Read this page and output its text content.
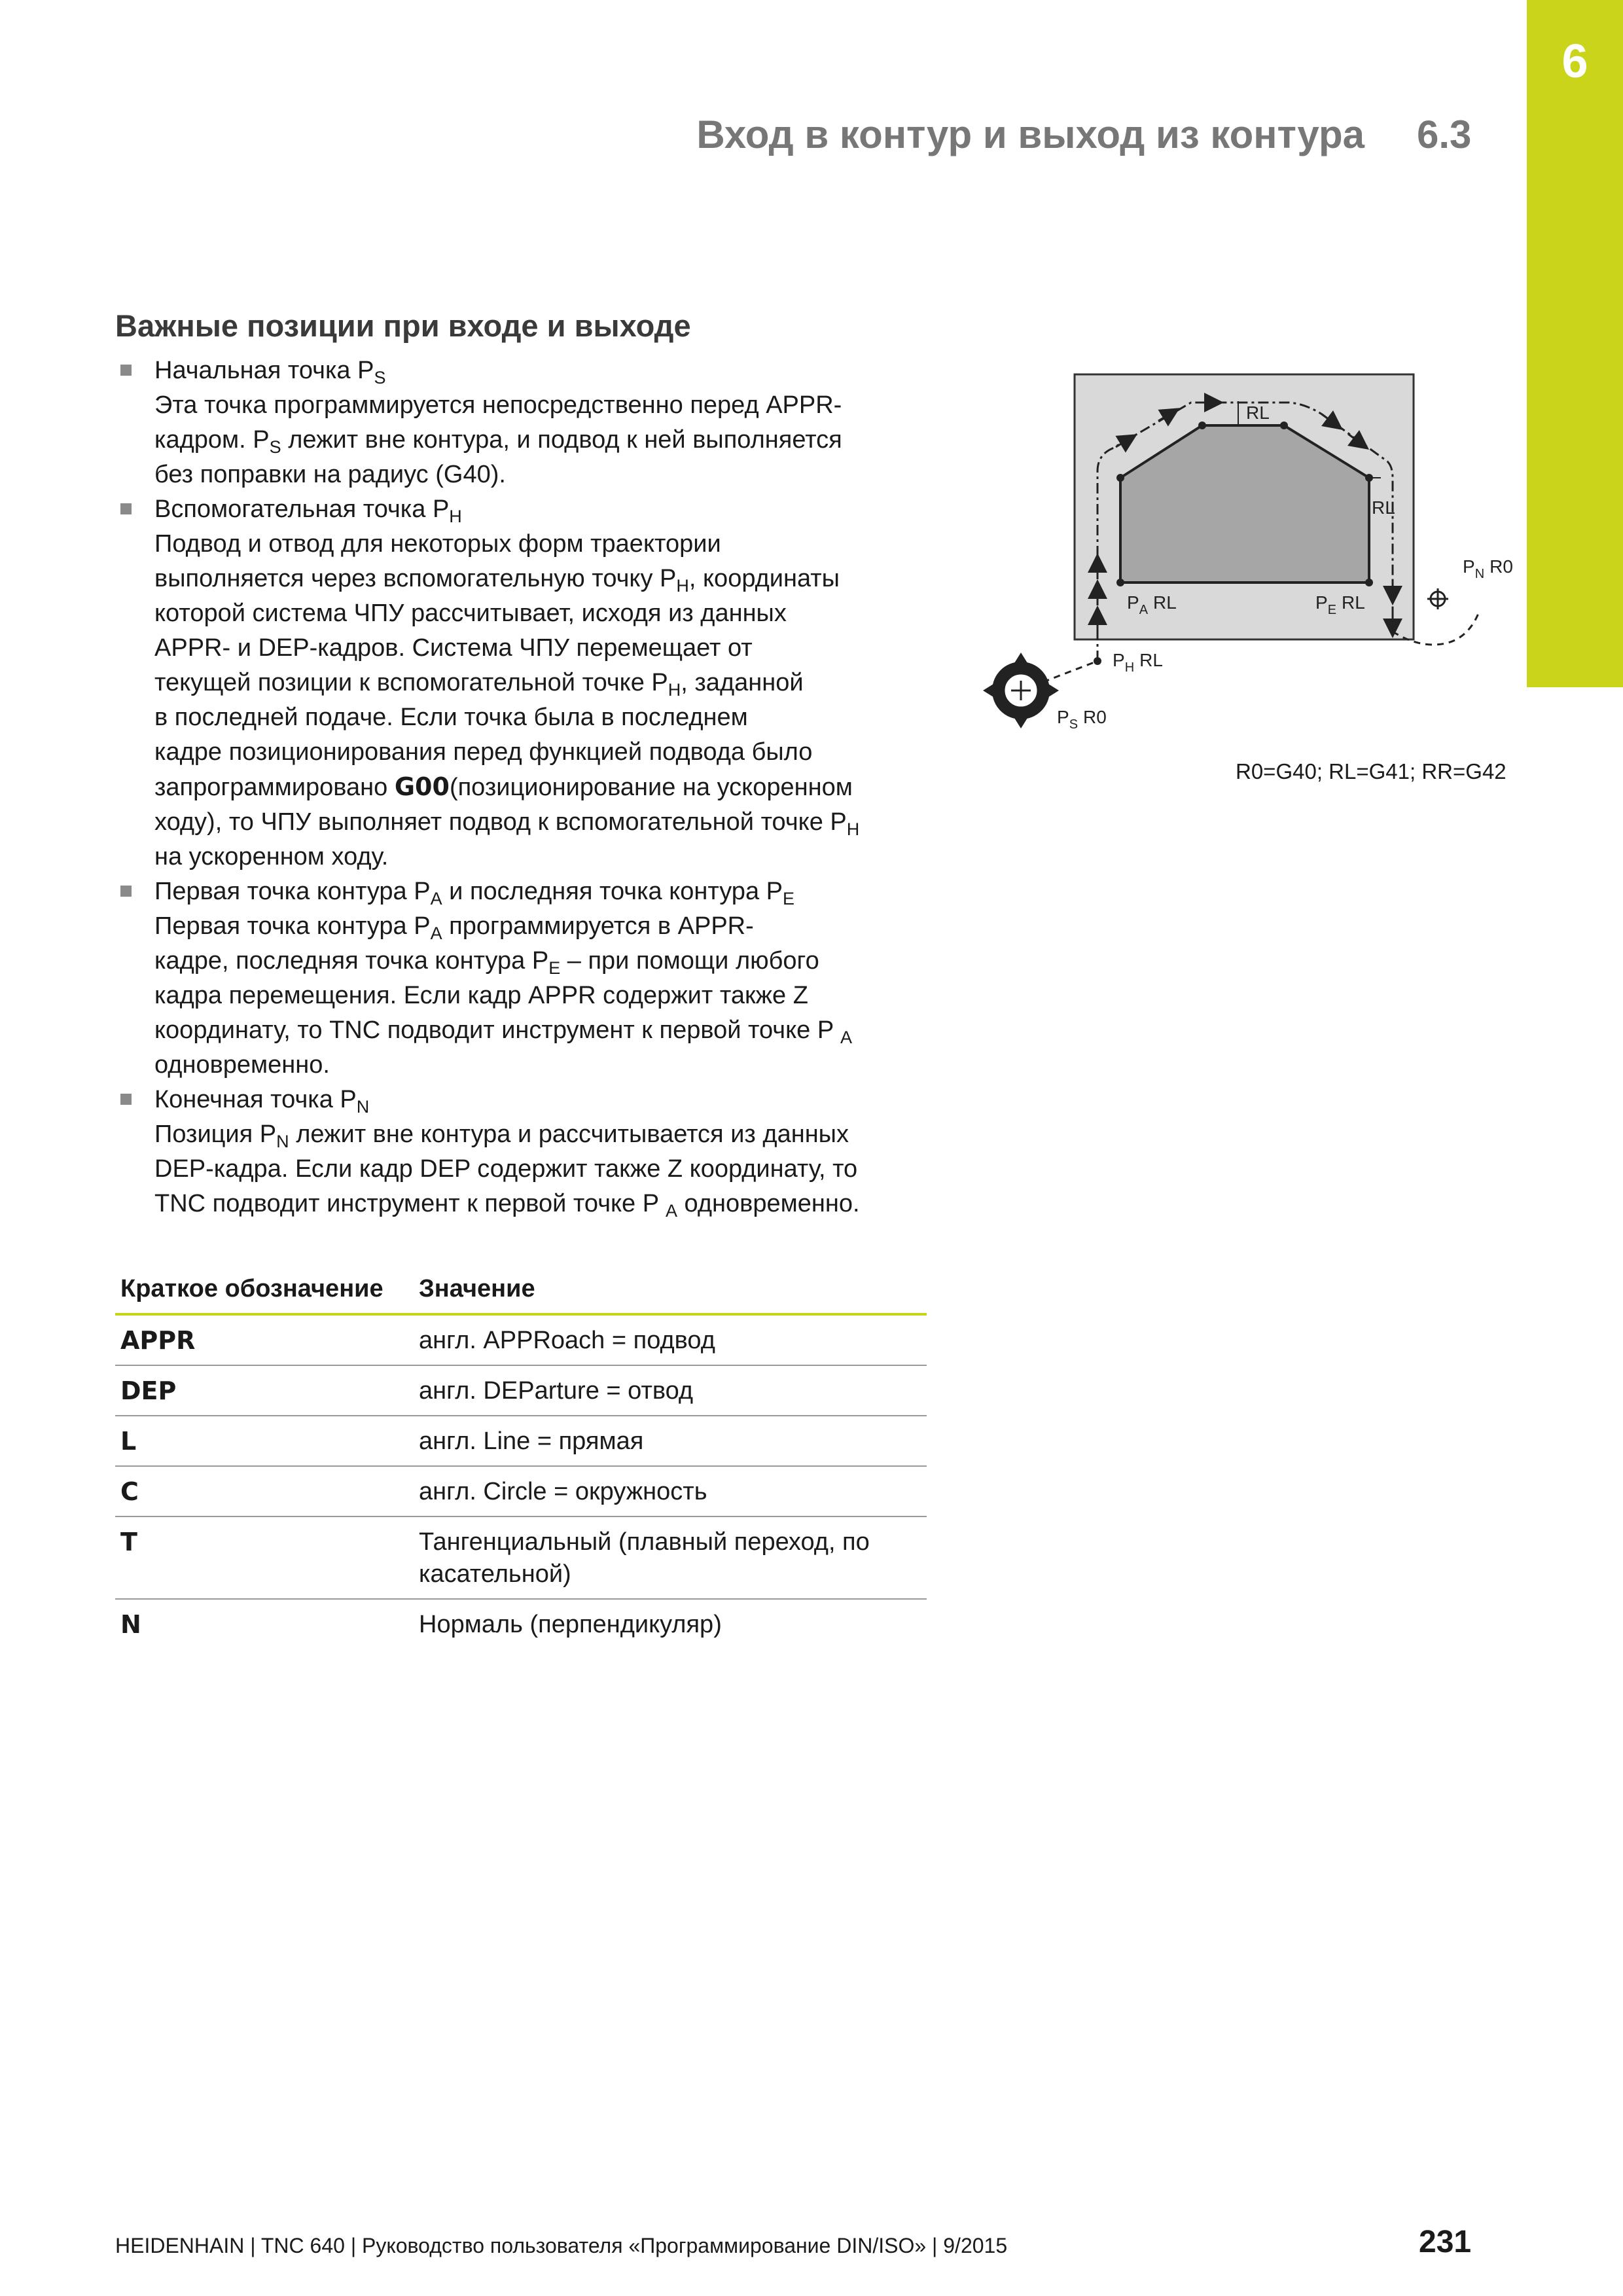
6
Вход в контур и выход из контура 6.3
Важные позиции при входе и выходе
Начальная точка $P_S$
Эта точка программируется непосредственно перед APPR-
кадром. $P_S$ лежит вне контура, и подвод к ней выполняется
без поправки на радиус (G40).
Вспомогательная точка $P_H$
Подвод и отвод для некоторых форм траектории
выполняется через вспомогательную точку $P_H$, координаты
которой система ЧПУ рассчитывает, исходя из данных
APPR- и DEP-кадров. Система ЧПУ перемещает от
текущей позиции к вспомогательной точке $P_H$, заданной
в последней подаче. Если точка была в последнем
кадре позиционирования перед функцией подвода было
запрограммировано G00(позиционирование на ускоренном
ходу), то ЧПУ выполняет подвод к вспомогательной точке $P_H$
на ускоренном ходу.
Первая точка контура $P_A$ и последняя точка контура $P_E$
Первая точка контура $P_A$ программируется в APPR-
кадре, последняя точка контура $P_E$ – при помощи любого
кадра перемещения. Если кадр APPR содержит также Z
координату, то TNC подводит инструмент к первой точке P $_A$
одновременно.
Конечная точка $P_N$
Позиция $P_N$ лежит вне контура и рассчитывается из данных
DEP-кадра. Если кадр DEP содержит также Z координату, то
TNC подводит инструмент к первой точке P $_A$ одновременно.
Краткое обозначение	Значение
APPR	англ. APPRoach = подвод
DEP	англ. DEParture = отвод
L	англ. Line = прямая
C	англ. Circle = окружность
T	Тангенциальный (плавный переход, по касательной)
N	Нормаль (перпендикуляр)
RL
RL
$P_A$ RL	$P_E$ RL
$P_H$ RL
$P_S$ R0
$P_N$ R0
R0=G40; RL=G41; RR=G42
HEIDENHAIN | TNC 640 | Руководство пользователя «Программирование DIN/ISO» | 9/2015	231
